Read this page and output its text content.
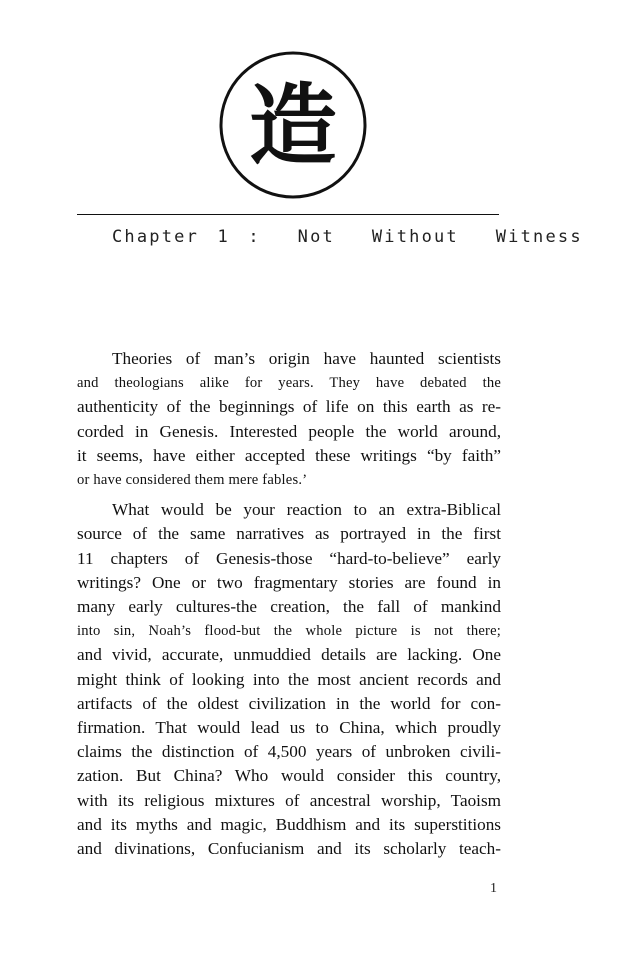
造
Chapter 1 :  Not  Without  Witness

Theories of man’s origin have haunted scientists
and theologians alike for years. They have debated the
authenticity of the beginnings of life on this earth as re-
corded in Genesis. Interested people the world around,
it seems, have either accepted these writings “by faith”
or have considered them mere fables.’

What would be your reaction to an extra-Biblical
source of the same narratives as portrayed in the first
11 chapters of Genesis-those “hard-to-believe” early
writings? One or two fragmentary stories are found in
many early cultures-the creation, the fall of mankind
into sin, Noah’s flood-but the whole picture is not there;
and vivid, accurate, unmuddied details are lacking. One
might think of looking into the most ancient records and
artifacts of the oldest civilization in the world for con-
firmation. That would lead us to China, which proudly
claims the distinction of 4,500 years of unbroken civili-
zation. But China? Who would consider this country,
with its religious mixtures of ancestral worship, Taoism
and its myths and magic, Buddhism and its superstitions
and divinations, Confucianism and its scholarly teach-

1
